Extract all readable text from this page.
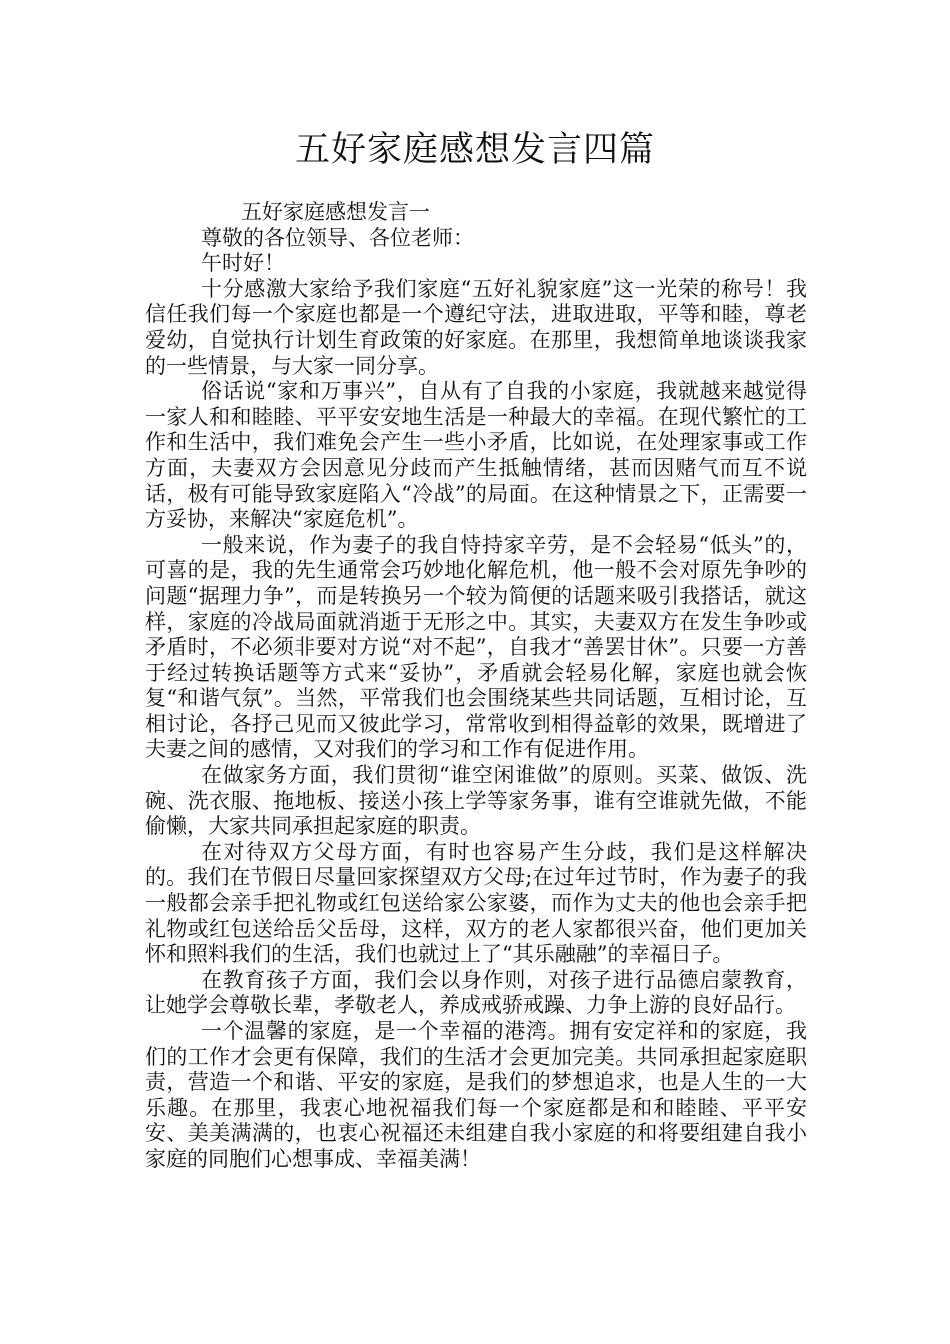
五好家庭感想发言四篇

五好家庭感想发言一

尊敬的各位领导、各位老师：

午时好！

十分感激大家给予我们家庭“五好礼貌家庭”这一光荣的称号！我信任我们每一个家庭也都是一个遵纪守法，进取进取，平等和睦，尊老爱幼，自觉执行计划生育政策的好家庭。在那里，我想简单地谈谈我家的一些情景，与大家一同分享。

俗话说“家和万事兴”，自从有了自我的小家庭，我就越来越觉得一家人和和睦睦、平平安安地生活是一种最大的幸福。在现代繁忙的工作和生活中，我们难免会产生一些小矛盾，比如说，在处理家事或工作方面，夫妻双方会因意见分歧而产生抵触情绪，甚而因赌气而互不说话，极有可能导致家庭陷入“冷战”的局面。在这种情景之下，正需要一方妥协，来解决“家庭危机”。

一般来说，作为妻子的我自恃持家辛劳，是不会轻易“低头”的，可喜的是，我的先生通常会巧妙地化解危机，他一般不会对原先争吵的问题“据理力争”，而是转换另一个较为简便的话题来吸引我搭话，就这样，家庭的冷战局面就消逝于无形之中。其实，夫妻双方在发生争吵或矛盾时，不必须非要对方说“对不起”，自我才“善罢甘休”。只要一方善于经过转换话题等方式来“妥协”，矛盾就会轻易化解，家庭也就会恢复“和谐气氛”。当然，平常我们也会围绕某些共同话题，互相讨论，互相讨论，各抒己见而又彼此学习，常常收到相得益彰的效果，既增进了夫妻之间的感情，又对我们的学习和工作有促进作用。

在做家务方面，我们贯彻“谁空闲谁做”的原则。买菜、做饭、洗碗、洗衣服、拖地板、接送小孩上学等家务事，谁有空谁就先做，不能偷懒，大家共同承担起家庭的职责。

在对待双方父母方面，有时也容易产生分歧，我们是这样解决的。我们在节假日尽量回家探望双方父母;在过年过节时，作为妻子的我一般都会亲手把礼物或红包送给家公家婆，而作为丈夫的他也会亲手把礼物或红包送给岳父岳母，这样，双方的老人家都很兴奋，他们更加关怀和照料我们的生活，我们也就过上了“其乐融融”的幸福日子。

在教育孩子方面，我们会以身作则，对孩子进行品德启蒙教育，让她学会尊敬长辈，孝敬老人，养成戒骄戒躁、力争上游的良好品行。

一个温馨的家庭，是一个幸福的港湾。拥有安定祥和的家庭，我们的工作才会更有保障，我们的生活才会更加完美。共同承担起家庭职责，营造一个和谐、平安的家庭，是我们的梦想追求，也是人生的一大乐趣。在那里，我衷心地祝福我们每一个家庭都是和和睦睦、平平安安、美美满满的，也衷心祝福还未组建自我小家庭的和将要组建自我小家庭的同胞们心想事成、幸福美满！
